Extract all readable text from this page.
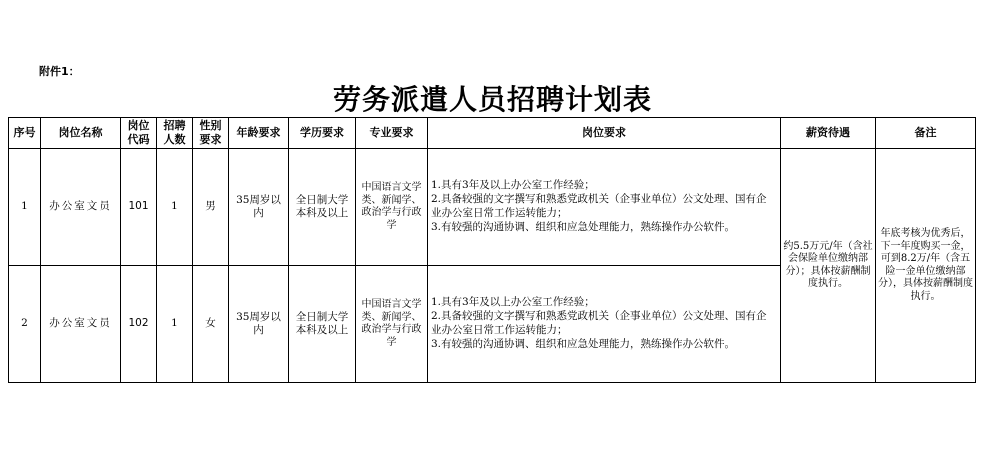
附件1：
劳务派遣人员招聘计划表
序号	岗位名称	岗位代码	招聘人数	性别要求	年龄要求	学历要求	专业要求	岗位要求	薪资待遇	备注
1	办公室文员	101	1	男	35周岁以内	全日制大学本科及以上	中国语言文学类、新闻学、政治学与行政学	1.具有3年及以上办公室工作经验；
2.具备较强的文字撰写和熟悉党政机关（企事业单位）公文处理、国有企业办公室日常工作运转能力；
3.有较强的沟通协调、组织和应急处理能力，熟练操作办公软件。	约5.5万元/年（含社会保险单位缴纳部分）；具体按薪酬制度执行。	年底考核为优秀后，下一年度购买一金，可到8.2万/年（含五险一金单位缴纳部分），具体按薪酬制度执行。
2	办公室文员	102	1	女	35周岁以内	全日制大学本科及以上	中国语言文学类、新闻学、政治学与行政学	1.具有3年及以上办公室工作经验；
2.具备较强的文字撰写和熟悉党政机关（企事业单位）公文处理、国有企业办公室日常工作运转能力；
3.有较强的沟通协调、组织和应急处理能力，熟练操作办公软件。		
